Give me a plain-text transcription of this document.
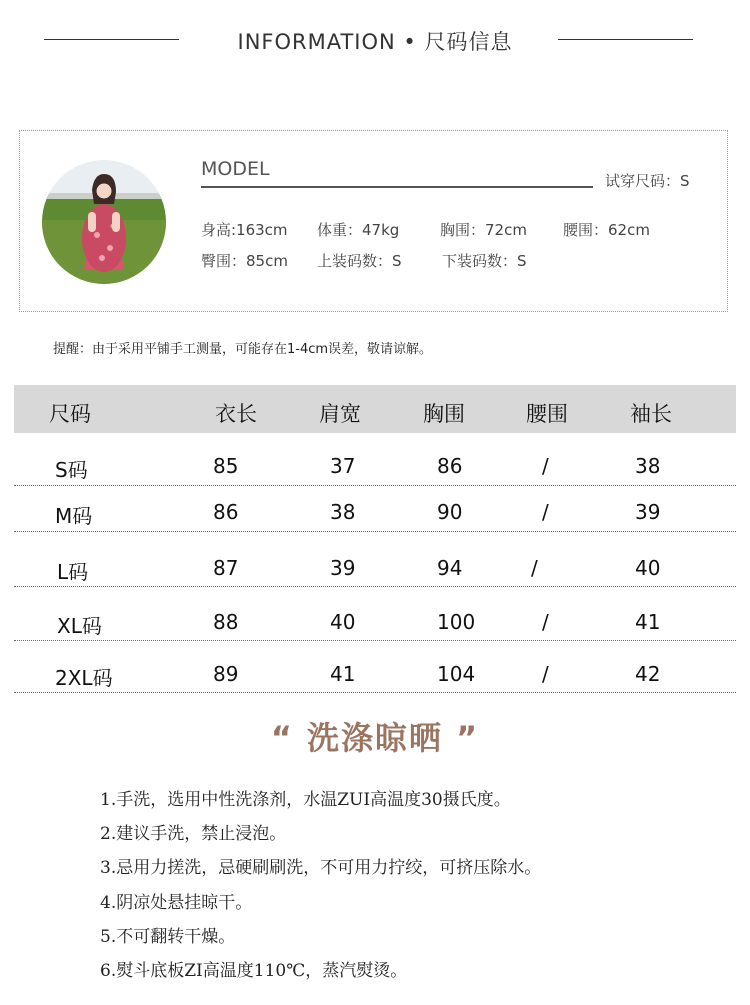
INFORMATION • 尺码信息
MODEL
试穿尺码：S
身高:163cm 体重：47kg	胸围：72cm 腰围：62cm
臀围：85cm 上装码数：S	下装码数：S
提醒：由于采用平铺手工测量，可能存在1-4cm误差，敬请谅解。
尺码	衣长	肩宽	胸围	腰围	袖长
S码	85	37	86	/	38
M码	86	38	90	/	39
L码	87	39	94	/	40
XL码	88	40	100	/	41
2XL码	89	41	104	/	42
“ 洗涤晾晒 ”
1.手洗，选用中性洗涤剂，水温ZUI高温度30摄氏度。
2.建议手洗，禁止浸泡。
3.忌用力搓洗，忌硬刷刷洗，不可用力拧绞，可挤压除水。
4.阴凉处悬挂晾干。
5.不可翻转干燥。
6.熨斗底板ZI高温度110℃，蒸汽熨烫。
